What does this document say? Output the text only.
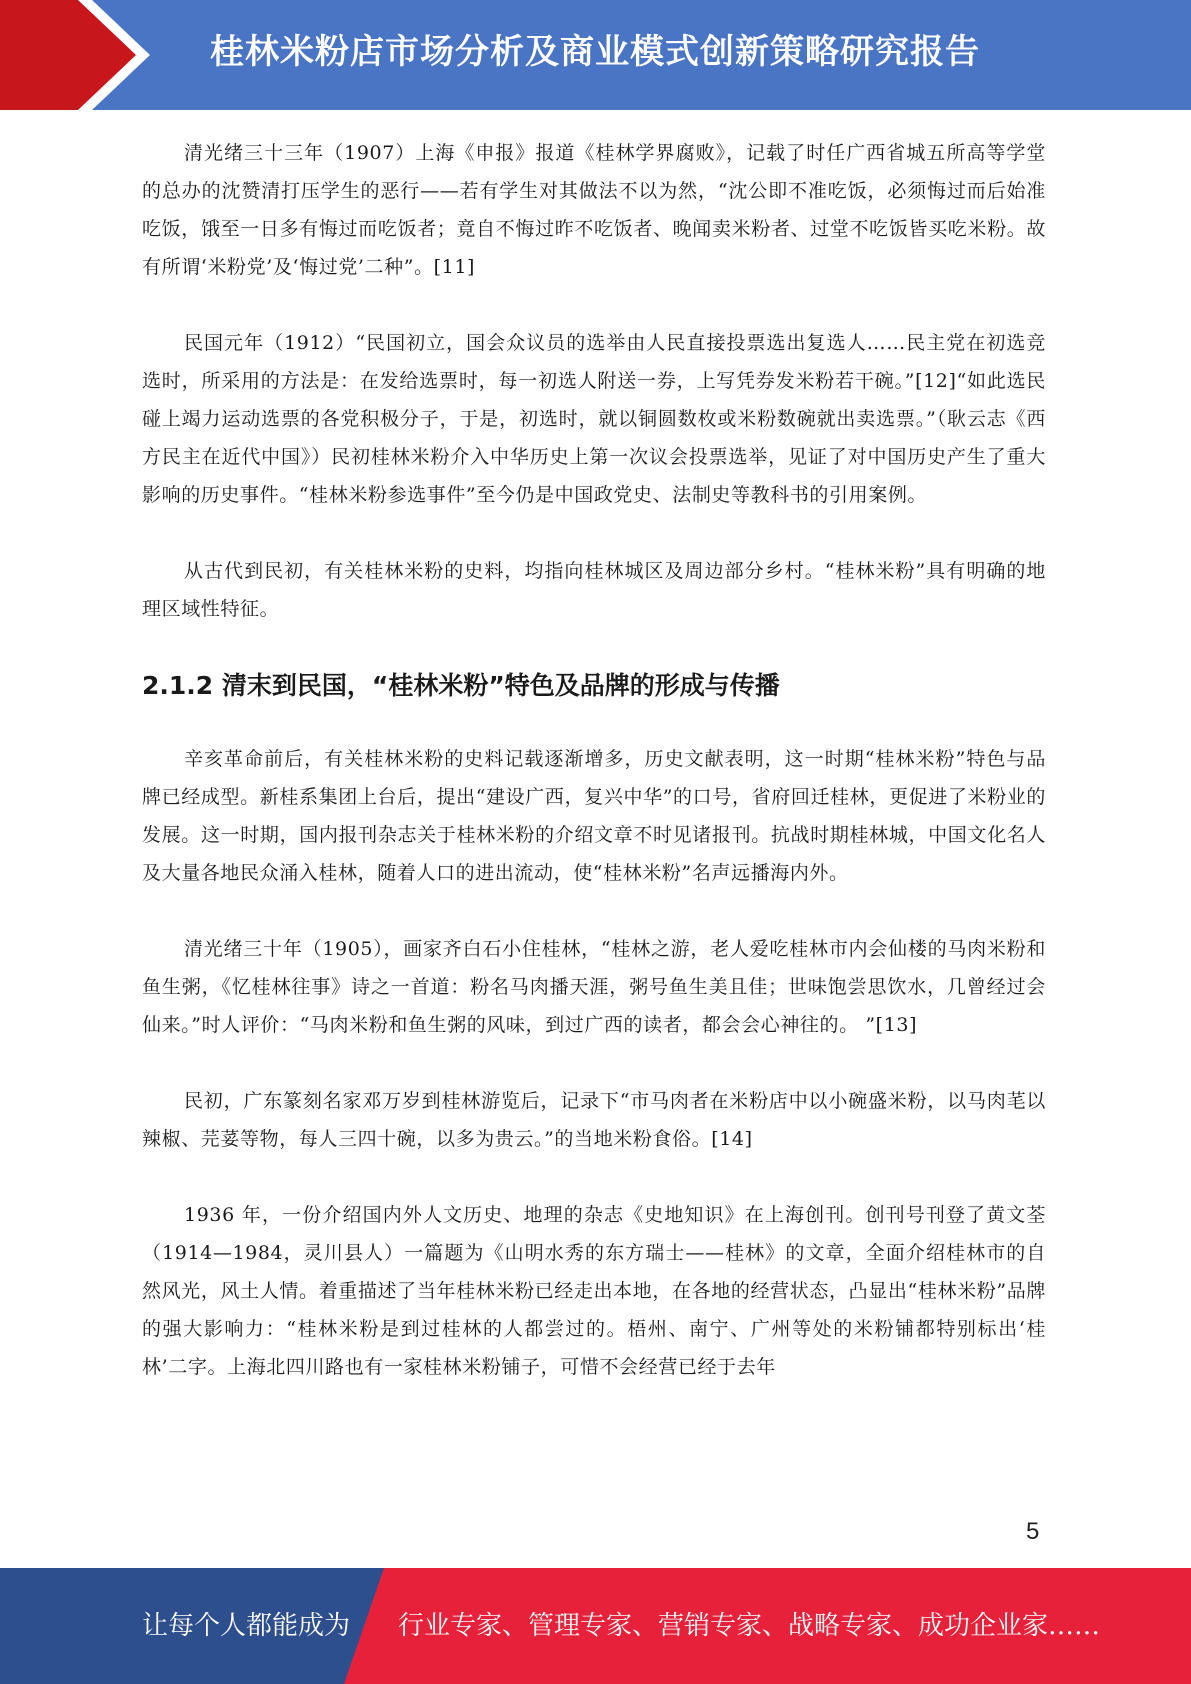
桂林米粉店市场分析及商业模式创新策略研究报告

清光绪三十三年（1907）上海《申报》报道《桂林学界腐败》，记载了时任广西省城五所高等学堂的总办的沈赞清打压学生的恶行——若有学生对其做法不以为然，“沈公即不准吃饭，必须悔过而后始准吃饭，饿至一日多有悔过而吃饭者；竟自不悔过昨不吃饭者、晚闻卖米粉者、过堂不吃饭皆买吃米粉。故有所谓‘米粉党’及‘悔过党’二种”。[11]

民国元年（1912）“民国初立，国会众议员的选举由人民直接投票选出复选人……民主党在初选竞选时，所采用的方法是：在发给选票时，每一初选人附送一券，上写凭券发米粉若干碗。”[12]“如此选民碰上竭力运动选票的各党积极分子，于是，初选时，就以铜圆数枚或米粉数碗就出卖选票。”（耿云志《西方民主在近代中国》）民初桂林米粉介入中华历史上第一次议会投票选举，见证了对中国历史产生了重大影响的历史事件。“桂林米粉参选事件”至今仍是中国政党史、法制史等教科书的引用案例。

从古代到民初，有关桂林米粉的史料，均指向桂林城区及周边部分乡村。“桂林米粉”具有明确的地理区域性特征。

2.1.2 清末到民国，“桂林米粉”特色及品牌的形成与传播

辛亥革命前后，有关桂林米粉的史料记载逐渐增多，历史文献表明，这一时期“桂林米粉”特色与品牌已经成型。新桂系集团上台后，提出“建设广西，复兴中华”的口号，省府回迁桂林，更促进了米粉业的发展。这一时期，国内报刊杂志关于桂林米粉的介绍文章不时见诸报刊。抗战时期桂林城，中国文化名人及大量各地民众涌入桂林，随着人口的进出流动，使“桂林米粉”名声远播海内外。

清光绪三十年（1905），画家齐白石小住桂林，“桂林之游，老人爱吃桂林市内会仙楼的马肉米粉和鱼生粥，《忆桂林往事》诗之一首道：粉名马肉播天涯，粥号鱼生美且佳；世味饱尝思饮水，几曾经过会仙来。”时人评价：“马肉米粉和鱼生粥的风味，到过广西的读者，都会会心神往的。 ”[13]

民初，广东篆刻名家邓万岁到桂林游览后，记录下“市马肉者在米粉店中以小碗盛米粉，以马肉芼以辣椒、芫荽等物，每人三四十碗，以多为贵云。”的当地米粉食俗。[14]

1936 年，一份介绍国内外人文历史、地理的杂志《史地知识》在上海创刊。创刊号刊登了黄文荃（1914—1984，灵川县人）一篇题为《山明水秀的东方瑞士——桂林》的文章，全面介绍桂林市的自然风光，风土人情。着重描述了当年桂林米粉已经走出本地，在各地的经营状态，凸显出“桂林米粉”品牌的强大影响力：“桂林米粉是到过桂林的人都尝过的。梧州、南宁、广州等处的米粉铺都特别标出‘桂林’二字。上海北四川路也有一家桂林米粉铺子，可惜不会经营已经于去年

5
让每个人都能成为 行业专家、管理专家、营销专家、战略专家、成功企业家……
